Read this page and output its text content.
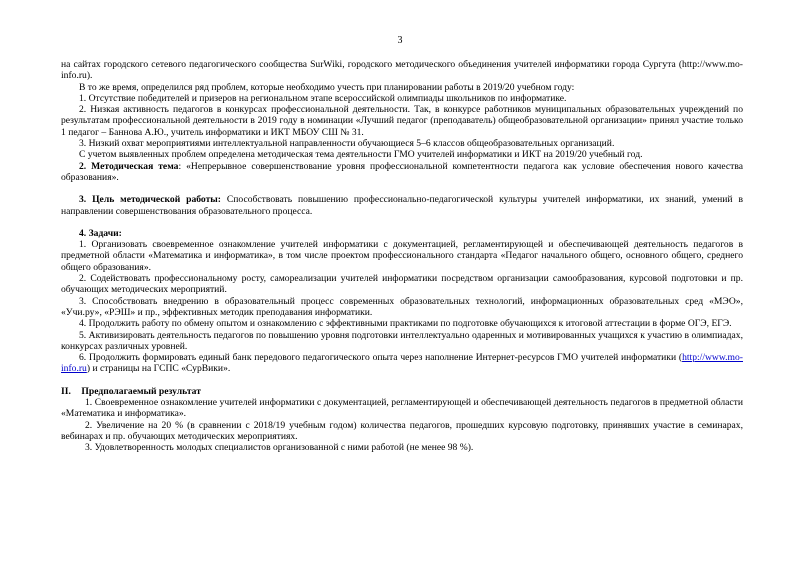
3

на сайтах городского сетевого педагогического сообщества SurWiki, городского методического объединения учителей информатики города Сургута (http://www.mo-info.ru).

В то же время, определился ряд проблем, которые необходимо учесть при планировании работы в 2019/20 учебном году:

1. Отсутствие победителей и призеров на региональном этапе всероссийской олимпиады школьников по информатике.

2. Низкая активность педагогов в конкурсах профессиональной деятельности. Так, в конкурсе работников муниципальных образовательных учреждений по результатам профессиональной деятельности в 2019 году в номинации «Лучший педагог (преподаватель) общеобразовательной организации» принял участие только 1 педагог – Баннова А.Ю., учитель информатики и ИКТ МБОУ СШ № 31.

3. Низкий охват мероприятиями интеллектуальной направленности обучающиеся 5–6 классов общеобразовательных организаций.

С учетом выявленных проблем определена методическая тема деятельности ГМО учителей информатики и ИКТ на 2019/20 учебный год.

2. Методическая тема: «Непрерывное совершенствование уровня профессиональной компетентности педагога как условие обеспечения нового качества образования».

3. Цель методической работы: Способствовать повышению профессионально-педагогической культуры учителей информатики, их знаний, умений в направлении совершенствования образовательного процесса.

4. Задачи:

1. Организовать своевременное ознакомление учителей информатики с документацией, регламентирующей и обеспечивающей деятельность педагогов в предметной области «Математика и информатика», в том числе проектом профессионального стандарта «Педагог начального общего, основного общего, среднего общего образования».

2. Содействовать профессиональному росту, самореализации учителей информатики посредством организации самообразования, курсовой подготовки и пр. обучающих методических мероприятий.

3. Способствовать внедрению в образовательный процесс современных образовательных технологий, информационных образовательных сред «МЭО», «Учи.ру», «РЭШ» и пр., эффективных методик преподавания информатики.

4. Продолжить работу по обмену опытом и ознакомлению с эффективными практиками по подготовке обучающихся к итоговой аттестации в форме ОГЭ, ЕГЭ.

5. Активизировать деятельность педагогов по повышению уровня подготовки интеллектуально одаренных и мотивированных учащихся к участию в олимпиадах, конкурсах различных уровней.

6. Продолжить формировать единый банк передового педагогического опыта через наполнение Интернет-ресурсов ГМО учителей информатики (http://www.mo-info.ru) и страницы на ГСПС «СурВики».

II. Предполагаемый результат

1. Своевременное ознакомление учителей информатики с документацией, регламентирующей и обеспечивающей деятельность педагогов в предметной области «Математика и информатика».

2. Увеличение на 20 % (в сравнении с 2018/19 учебным годом) количества педагогов, прошедших курсовую подготовку, принявших участие в семинарах, вебинарах и пр. обучающих методических мероприятиях.

3. Удовлетворенность молодых специалистов организованной с ними работой (не менее 98 %).
